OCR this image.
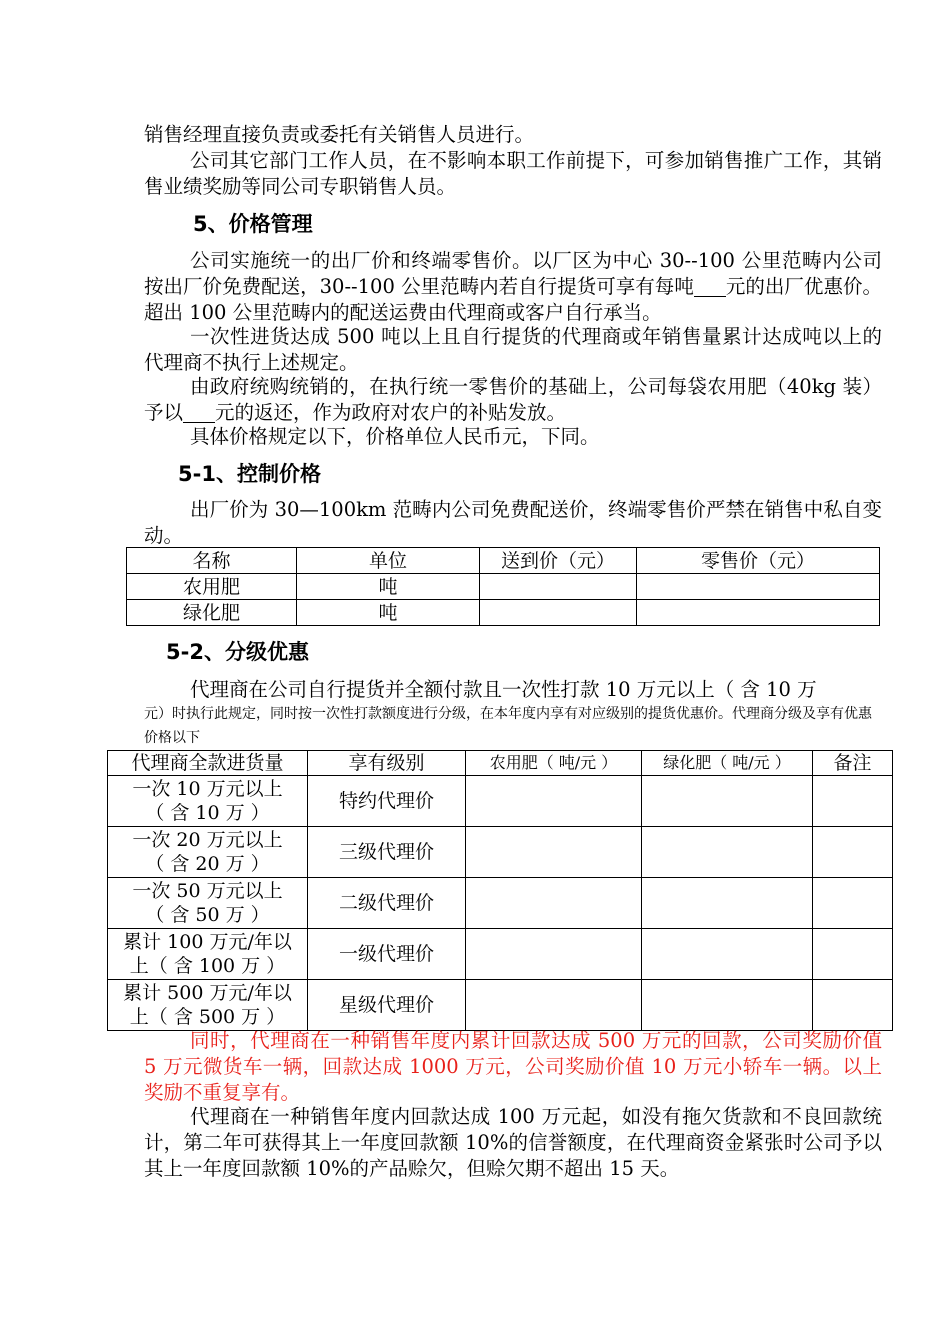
销售经理直接负责或委托有关销售人员进行。

公司其它部门工作人员，在不影响本职工作前提下，可参加销售推广工作，其销售业绩奖励等同公司专职销售人员。

5、价格管理

公司实施统一的出厂价和终端零售价。以厂区为中心 30--100 公里范畴内公司按出厂价免费配送，30--100 公里范畴内若自行提货可享有每吨 元的出厂优惠价。超出 100 公里范畴内的配送运费由代理商或客户自行承当。

一次性进货达成 500 吨以上且自行提货的代理商或年销售量累计达成吨以上的代理商不执行上述规定。

由政府统购统销的，在执行统一零售价的基础上，公司每袋农用肥（40kg 装）予以 元的返还，作为政府对农户的补贴发放。

具体价格规定以下，价格单位人民币元，下同。

5-1、控制价格

出厂价为 30—100km 范畴内公司免费配送价，终端零售价严禁在销售中私自变动。

名称	单位	送到价（元）	零售价（元）
农用肥	吨		
绿化肥	吨		
5-2、分级优惠

代理商在公司自行提货并全额付款且一次性打款 10 万元以上（ 含 10 万

元）时执行此规定，同时按一次性打款额度进行分级，在本年度内享有对应级别的提货优惠价。代理商分级及享有优惠价格以下

代理商全款进货量	享有级别	农用肥（ 吨/元 ）	绿化肥（ 吨/元 ）	备注
一次 10 万元以上
（ 含 10 万 ）	特约代理价			
一次 20 万元以上
（ 含 20 万 ）	三级代理价			
一次 50 万元以上
（ 含 50 万 ）	二级代理价			
累计 100 万元/年以
上（ 含 100 万 ）	一级代理价			
累计 500 万元/年以
上（ 含 500 万 ）	星级代理价			

同时，代理商在一种销售年度内累计回款达成 500 万元的回款，公司奖励价值 5 万元微货车一辆，回款达成 1000 万元，公司奖励价值 10 万元小轿车一辆。以上奖励不重复享有。

代理商在一种销售年度内回款达成 100 万元起，如没有拖欠货款和不良回款统计，第二年可获得其上一年度回款额 10%的信誉额度，在代理商资金紧张时公司予以其上一年度回款额 10%的产品赊欠，但赊欠期不超出 15 天。
